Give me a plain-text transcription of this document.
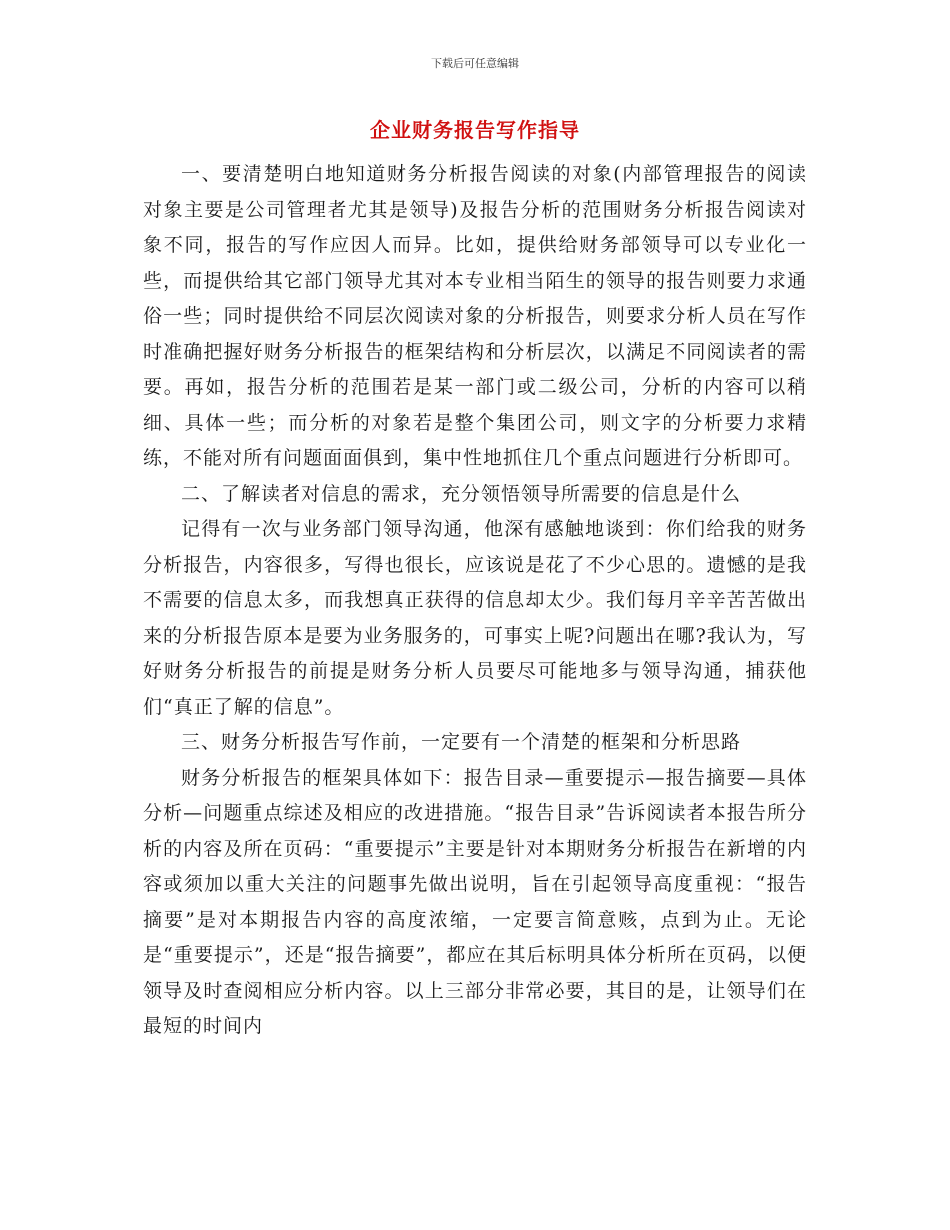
下载后可任意编辑
企业财务报告写作指导

一、要清楚明白地知道财务分析报告阅读的对象(内部管理报告的阅读对象主要是公司管理者尤其是领导)及报告分析的范围财务分析报告阅读对象不同，报告的写作应因人而异。比如，提供给财务部领导可以专业化一些，而提供给其它部门领导尤其对本专业相当陌生的领导的报告则要力求通俗一些；同时提供给不同层次阅读对象的分析报告，则要求分析人员在写作时准确把握好财务分析报告的框架结构和分析层次，以满足不同阅读者的需要。再如，报告分析的范围若是某一部门或二级公司，分析的内容可以稍细、具体一些；而分析的对象若是整个集团公司，则文字的分析要力求精练，不能对所有问题面面俱到，集中性地抓住几个重点问题进行分析即可。

二、了解读者对信息的需求，充分领悟领导所需要的信息是什么

记得有一次与业务部门领导沟通，他深有感触地谈到：你们给我的财务分析报告，内容很多，写得也很长，应该说是花了不少心思的。遗憾的是我不需要的信息太多，而我想真正获得的信息却太少。我们每月辛辛苦苦做出来的分析报告原本是要为业务服务的，可事实上呢?问题出在哪?我认为，写好财务分析报告的前提是财务分析人员要尽可能地多与领导沟通，捕获他们“真正了解的信息”。

三、财务分析报告写作前，一定要有一个清楚的框架和分析思路

财务分析报告的框架具体如下：报告目录—重要提示—报告摘要—具体分析—问题重点综述及相应的改进措施。“报告目录”告诉阅读者本报告所分析的内容及所在页码：“重要提示”主要是针对本期财务分析报告在新增的内容或须加以重大关注的问题事先做出说明，旨在引起领导高度重视：“报告摘要”是对本期报告内容的高度浓缩，一定要言简意赅，点到为止。无论是“重要提示”，还是“报告摘要”，都应在其后标明具体分析所在页码，以便领导及时查阅相应分析内容。以上三部分非常必要，其目的是，让领导们在最短的时间内
